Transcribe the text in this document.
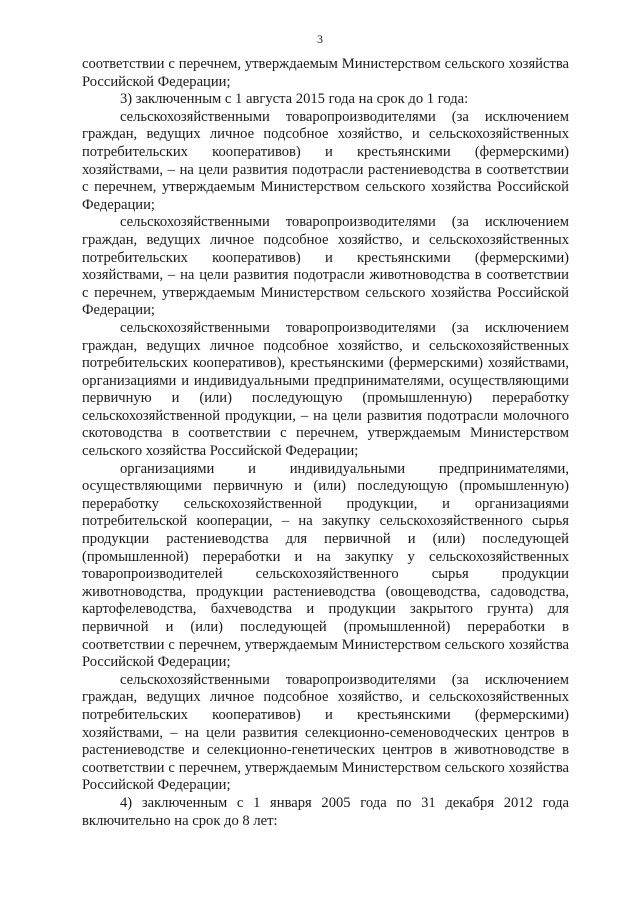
3

соответствии с перечнем, утверждаемым Министерством сельского хозяйства Российской Федерации;

3) заключенным с 1 августа 2015 года на срок до 1 года:

сельскохозяйственными товаропроизводителями (за исключением граждан, ведущих личное подсобное хозяйство, и сельскохозяйственных потребительских кооперативов) и крестьянскими (фермерскими) хозяйствами, – на цели развития подотрасли растениеводства в соответствии с перечнем, утверждаемым Министерством сельского хозяйства Российской Федерации;

сельскохозяйственными товаропроизводителями (за исключением граждан, ведущих личное подсобное хозяйство, и сельскохозяйственных потребительских кооперативов) и крестьянскими (фермерскими) хозяйствами, – на цели развития подотрасли животноводства в соответствии с перечнем, утверждаемым Министерством сельского хозяйства Российской Федерации;

сельскохозяйственными товаропроизводителями (за исключением граждан, ведущих личное подсобное хозяйство, и сельскохозяйственных потребительских кооперативов), крестьянскими (фермерскими) хозяйствами, организациями и индивидуальными предпринимателями, осуществляющими первичную и (или) последующую (промышленную) переработку сельскохозяйственной продукции, – на цели развития подотрасли молочного скотоводства в соответствии с перечнем, утверждаемым Министерством сельского хозяйства Российской Федерации;

организациями и индивидуальными предпринимателями, осуществляющими первичную и (или) последующую (промышленную) переработку сельскохозяйственной продукции, и организациями потребительской кооперации, – на закупку сельскохозяйственного сырья продукции растениеводства для первичной и (или) последующей (промышленной) переработки и на закупку у сельскохозяйственных товаропроизводителей сельскохозяйственного сырья продукции животноводства, продукции растениеводства (овощеводства, садоводства, картофелеводства, бахчеводства и продукции закрытого грунта) для первичной и (или) последующей (промышленной) переработки в соответствии с перечнем, утверждаемым Министерством сельского хозяйства Российской Федерации;

сельскохозяйственными товаропроизводителями (за исключением граждан, ведущих личное подсобное хозяйство, и сельскохозяйственных потребительских кооперативов) и крестьянскими (фермерскими) хозяйствами, – на цели развития селекционно-семеноводческих центров в растениеводстве и селекционно-генетических центров в животноводстве в соответствии с перечнем, утверждаемым Министерством сельского хозяйства Российской Федерации;

4) заключенным с 1 января 2005 года по 31 декабря 2012 года включительно на срок до 8 лет:
